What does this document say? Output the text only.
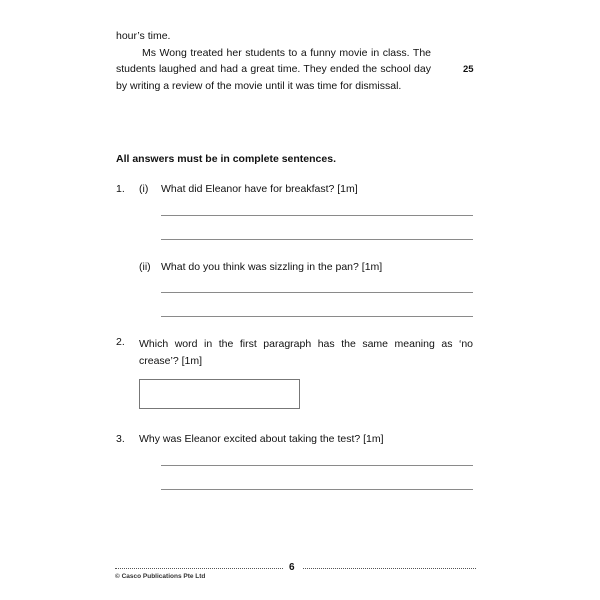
hour’s time.

Ms Wong treated her students to a funny movie in class. The students laughed and had a great time. They ended the school day by writing a review of the movie until it was time for dismissal.

25
All answers must be in complete sentences.
1. (i) What did Eleanor have for breakfast? [1m]
(ii) What do you think was sizzling in the pan? [1m]
2. Which word in the first paragraph has the same meaning as ‘no crease’? [1m]
3. Why was Eleanor excited about taking the test? [1m]
6
© Casco Publications Pte Ltd
